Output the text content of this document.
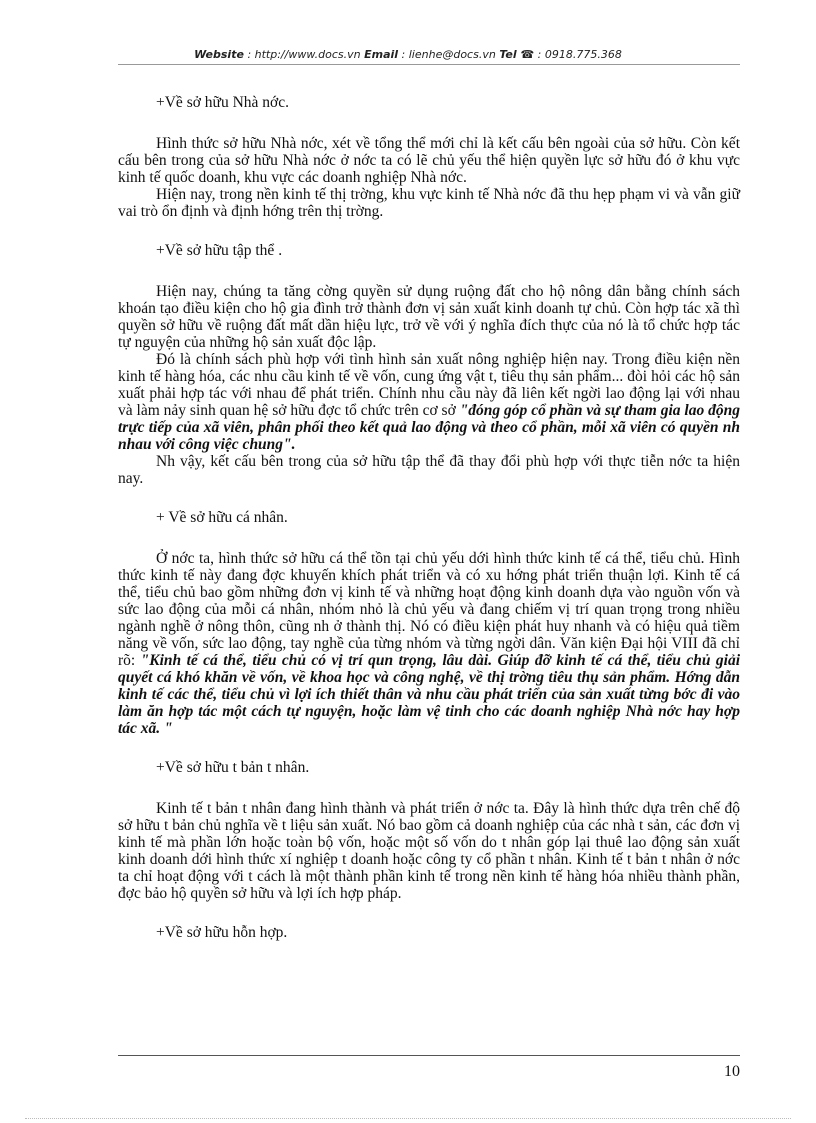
Website : http://www.docs.vn Email : lienhe@docs.vn Tel ☎ : 0918.775.368

+Về sở hữu Nhà nớc.

Hình thức sở hữu Nhà nớc, xét về tổng thể mới chỉ là kết cấu bên ngoài của sở hữu. Còn kết cấu bên trong của sở hữu Nhà nớc ở nớc ta có lẽ chủ yếu thể hiện quyền lực sở hữu đó ở khu vực kinh tế quốc doanh, khu vực các doanh nghiệp Nhà nớc.

Hiện nay, trong nền kinh tế thị trờng, khu vực kinh tế Nhà nớc đã thu hẹp phạm vi và vẫn giữ vai trò ổn định và định hớng trên thị trờng.

+Về sở hữu tập thể .

Hiện nay, chúng ta tăng cờng quyền sử dụng ruộng đất cho hộ nông dân bằng chính sách khoán tạo điều kiện cho hộ gia đình trở thành đơn vị sản xuất kinh doanh tự chủ. Còn hợp tác xã thì quyền sở hữu về ruộng đất mất dần hiệu lực, trở về với ý nghĩa đích thực của nó là tổ chức hợp tác tự nguyện của những hộ sản xuất độc lập.

Đó là chính sách phù hợp với tình hình sản xuất nông nghiệp hiện nay. Trong điều kiện nền kinh tế hàng hóa, các nhu cầu kinh tế về vốn, cung ứng vật t, tiêu thụ sản phẩm... đòi hỏi các hộ sản xuất phải hợp tác với nhau để phát triển. Chính nhu cầu này đã liên kết ngời lao động lại với nhau và làm nảy sinh quan hệ sở hữu đợc tổ chức trên cơ sở "đóng góp cổ phần và sự tham gia lao động trực tiếp của xã viên, phân phối theo kết quả lao động và theo cổ phần, mỗi xã viên có quyền nh nhau với công việc chung".

Nh vậy, kết cấu bên trong của sở hữu tập thể đã thay đổi phù hợp với thực tiễn nớc ta hiện nay.

+ Về sở hữu cá nhân.

Ở nớc ta, hình thức sở hữu cá thể tồn tại chủ yếu dới hình thức kinh tế cá thể, tiểu chủ. Hình thức kinh tế này đang đợc khuyến khích phát triển và có xu hớng phát triển thuận lợi. Kinh tế cá thể, tiểu chủ bao gồm những đơn vị kinh tế và những hoạt động kinh doanh dựa vào nguồn vốn và sức lao động của mỗi cá nhân, nhóm nhỏ là chủ yếu và đang chiếm vị trí quan trọng trong nhiều ngành nghề ở nông thôn, cũng nh ở thành thị. Nó có điều kiện phát huy nhanh và có hiệu quả tiềm năng về vốn, sức lao động, tay nghề của từng nhóm và từng ngời dân. Văn kiện Đại hội VIII đã chỉ rõ: "Kinh tế cá thể, tiểu chủ có vị trí qun trọng, lâu dài. Giúp đỡ kinh tế cá thể, tiểu chủ giải quyết cá khó khăn về vốn, về khoa học và công nghệ, về thị trờng tiêu thụ sản phẩm. Hớng dẫn kinh tế các thể, tiểu chủ vì lợi ích thiết thân và nhu cầu phát triển của sản xuất từng bớc đi vào làm ăn hợp tác một cách tự nguyện, hoặc làm vệ tinh cho các doanh nghiệp Nhà nớc hay hợp tác xã. "

+Về sở hữu t bản t nhân.

Kinh tế t bản t nhân đang hình thành và phát triển ở nớc ta. Đây là hình thức dựa trên chế độ sở hữu t bản chủ nghĩa về t liệu sản xuất. Nó bao gồm cả doanh nghiệp của các nhà t sản, các đơn vị kinh tế mà phần lớn hoặc toàn bộ vốn, hoặc một số vốn do t nhân góp lại thuê lao động sản xuất kinh doanh dới hình thức xí nghiệp t doanh hoặc công ty cổ phần t nhân. Kinh tế t bản t nhân ở nớc ta chỉ hoạt động với t cách là một thành phần kinh tế trong nền kinh tế hàng hóa nhiều thành phần, đợc bảo hộ quyền sở hữu và lợi ích hợp pháp.

+Về sở hữu hỗn hợp.

10
